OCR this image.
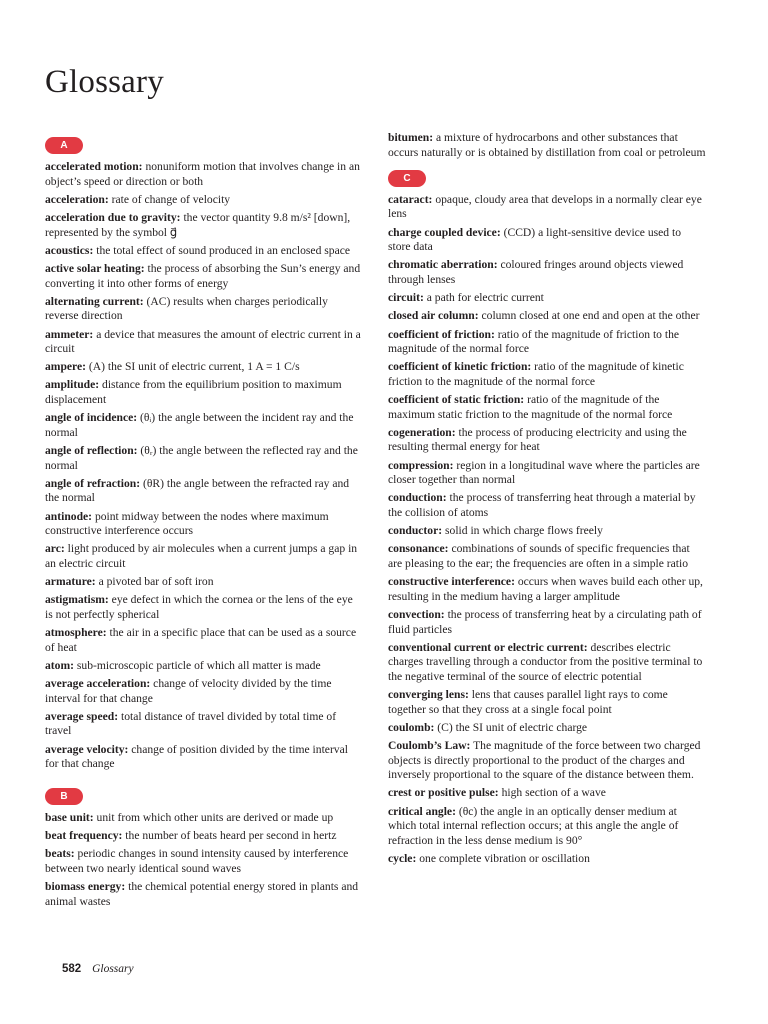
Glossary
A
accelerated motion: nonuniform motion that involves change in an object’s speed or direction or both
acceleration: rate of change of velocity
acceleration due to gravity: the vector quantity 9.8 m/s² [down], represented by the symbol g⃗
acoustics: the total effect of sound produced in an enclosed space
active solar heating: the process of absorbing the Sun’s energy and converting it into other forms of energy
alternating current: (AC) results when charges periodically reverse direction
ammeter: a device that measures the amount of electric current in a circuit
ampere: (A) the SI unit of electric current, 1 A = 1 C/s
amplitude: distance from the equilibrium position to maximum displacement
angle of incidence: (θᵢ) the angle between the incident ray and the normal
angle of reflection: (θᵣ) the angle between the reflected ray and the normal
angle of refraction: (θR) the angle between the refracted ray and the normal
antinode: point midway between the nodes where maximum constructive interference occurs
arc: light produced by air molecules when a current jumps a gap in an electric circuit
armature: a pivoted bar of soft iron
astigmatism: eye defect in which the cornea or the lens of the eye is not perfectly spherical
atmosphere: the air in a specific place that can be used as a source of heat
atom: sub-microscopic particle of which all matter is made
average acceleration: change of velocity divided by the time interval for that change
average speed: total distance of travel divided by total time of travel
average velocity: change of position divided by the time interval for that change
B
base unit: unit from which other units are derived or made up
beat frequency: the number of beats heard per second in hertz
beats: periodic changes in sound intensity caused by interference between two nearly identical sound waves
biomass energy: the chemical potential energy stored in plants and animal wastes
bitumen: a mixture of hydrocarbons and other substances that occurs naturally or is obtained by distillation from coal or petroleum
C
cataract: opaque, cloudy area that develops in a normally clear eye lens
charge coupled device: (CCD) a light-sensitive device used to store data
chromatic aberration: coloured fringes around objects viewed through lenses
circuit: a path for electric current
closed air column: column closed at one end and open at the other
coefficient of friction: ratio of the magnitude of friction to the magnitude of the normal force
coefficient of kinetic friction: ratio of the magnitude of kinetic friction to the magnitude of the normal force
coefficient of static friction: ratio of the magnitude of the maximum static friction to the magnitude of the normal force
cogeneration: the process of producing electricity and using the resulting thermal energy for heat
compression: region in a longitudinal wave where the particles are closer together than normal
conduction: the process of transferring heat through a material by the collision of atoms
conductor: solid in which charge flows freely
consonance: combinations of sounds of specific frequencies that are pleasing to the ear; the frequencies are often in a simple ratio
constructive interference: occurs when waves build each other up, resulting in the medium having a larger amplitude
convection: the process of transferring heat by a circulating path of fluid particles
conventional current or electric current: describes electric charges travelling through a conductor from the positive terminal to the negative terminal of the source of electric potential
converging lens: lens that causes parallel light rays to come together so that they cross at a single focal point
coulomb: (C) the SI unit of electric charge
Coulomb’s Law: The magnitude of the force between two charged objects is directly proportional to the product of the charges and inversely proportional to the square of the distance between them.
crest or positive pulse: high section of a wave
critical angle: (θc) the angle in an optically denser medium at which total internal reflection occurs; at this angle the angle of refraction in the less dense medium is 90°
cycle: one complete vibration or oscillation
582 Glossary
